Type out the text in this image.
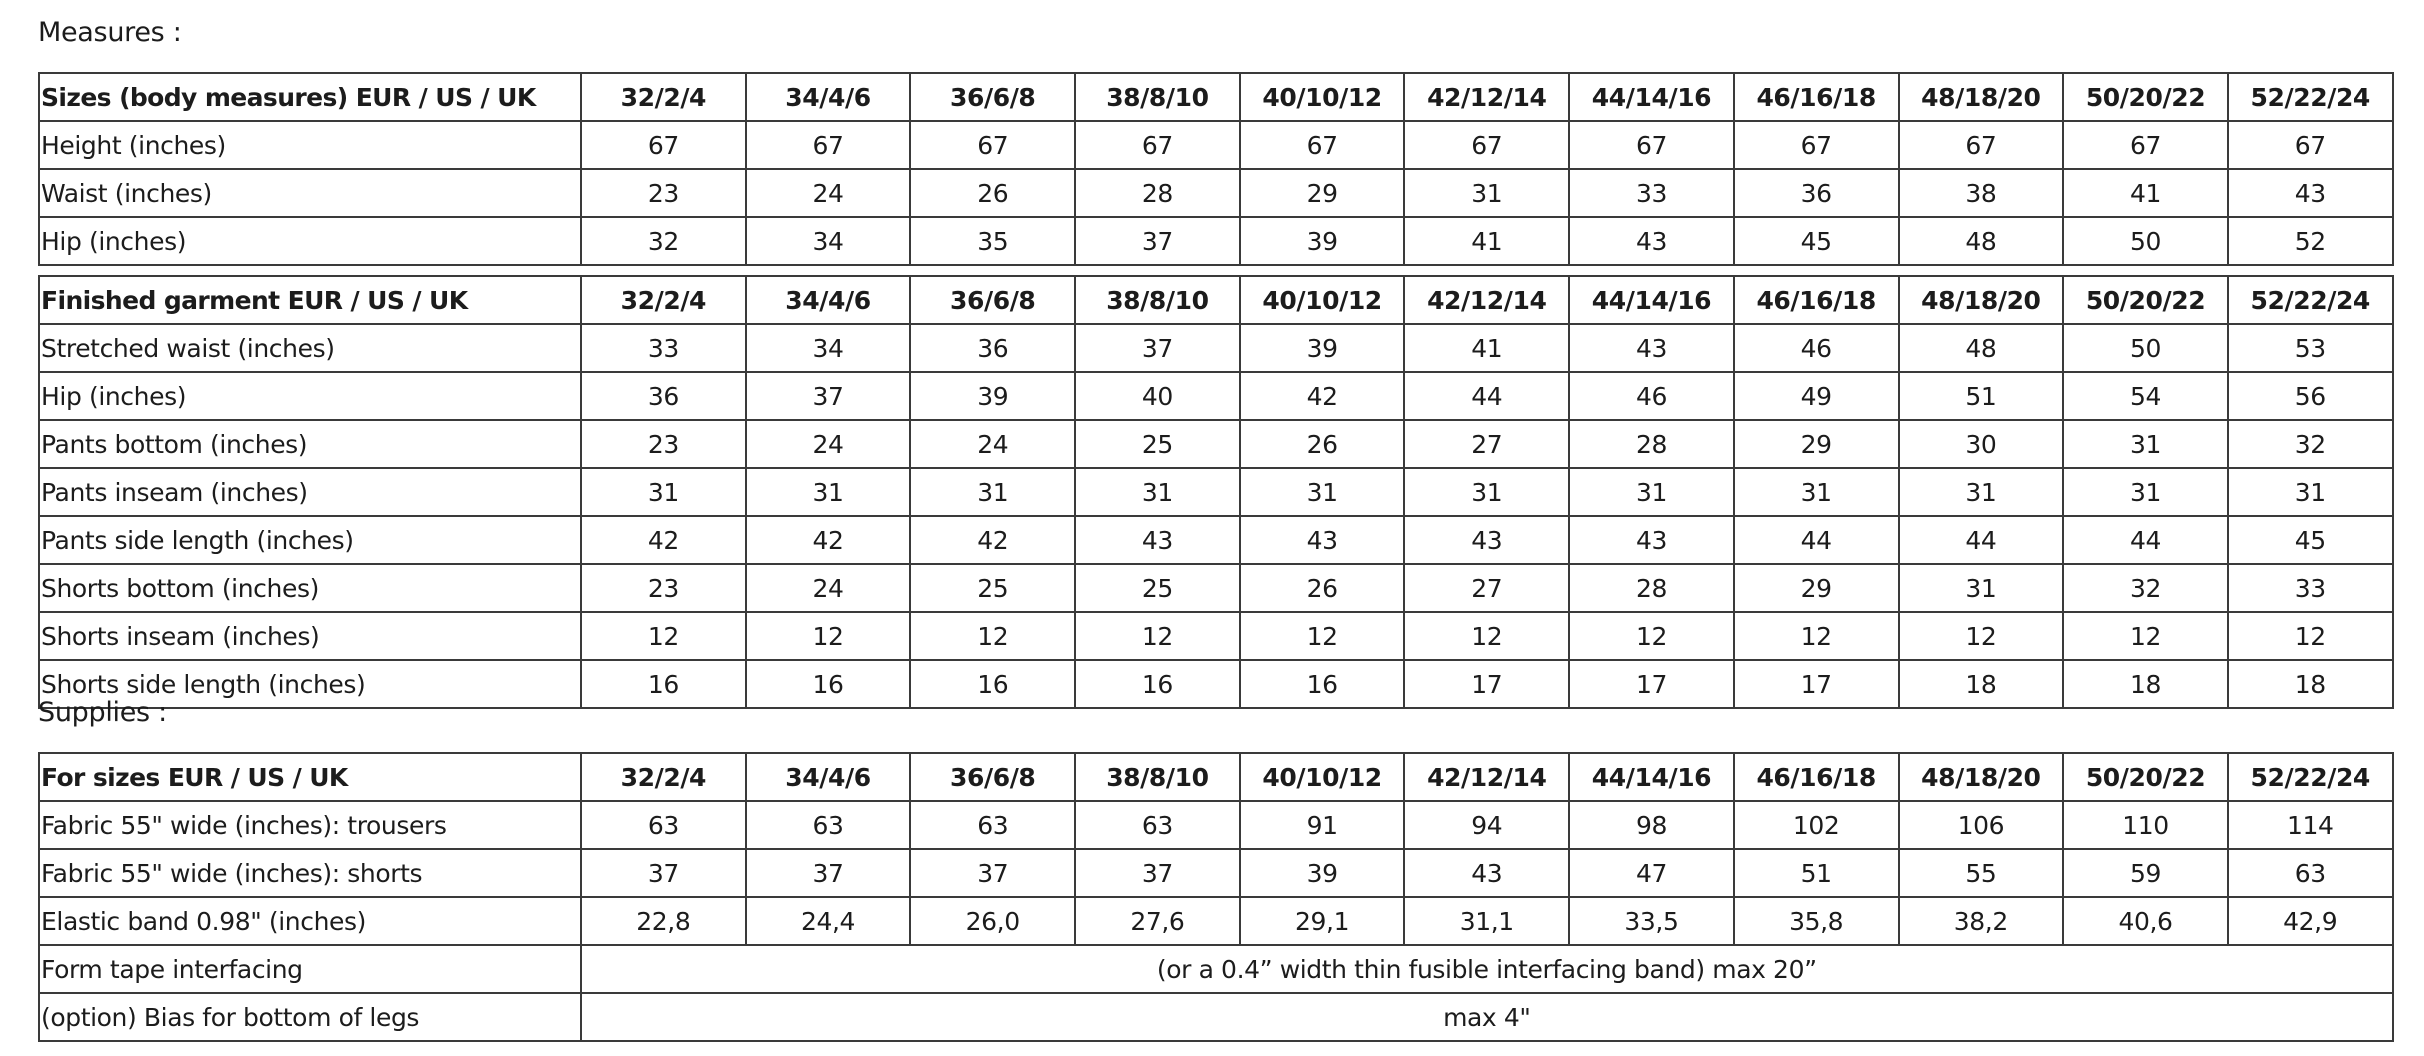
Measures :
Sizes (body measures) EUR / US / UK	32/2/4	34/4/6	36/6/8	38/8/10	40/10/12	42/12/14	44/14/16	46/16/18	48/18/20	50/20/22	52/22/24
Height (inches)	67	67	67	67	67	67	67	67	67	67	67
Waist (inches)	23	24	26	28	29	31	33	36	38	41	43
Hip (inches)	32	34	35	37	39	41	43	45	48	50	52
Finished garment EUR / US / UK	32/2/4	34/4/6	36/6/8	38/8/10	40/10/12	42/12/14	44/14/16	46/16/18	48/18/20	50/20/22	52/22/24
Stretched waist (inches)	33	34	36	37	39	41	43	46	48	50	53
Hip (inches)	36	37	39	40	42	44	46	49	51	54	56
Pants bottom (inches)	23	24	24	25	26	27	28	29	30	31	32
Pants inseam (inches)	31	31	31	31	31	31	31	31	31	31	31
Pants side length (inches)	42	42	42	43	43	43	43	44	44	44	45
Shorts bottom (inches)	23	24	25	25	26	27	28	29	31	32	33
Shorts inseam (inches)	12	12	12	12	12	12	12	12	12	12	12
Shorts side length (inches)	16	16	16	16	16	17	17	17	18	18	18
Supplies :
For sizes EUR / US / UK	32/2/4	34/4/6	36/6/8	38/8/10	40/10/12	42/12/14	44/14/16	46/16/18	48/18/20	50/20/22	52/22/24
Fabric 55" wide (inches): trousers	63	63	63	63	91	94	98	102	106	110	114
Fabric 55" wide (inches): shorts	37	37	37	37	39	43	47	51	55	59	63
Elastic band 0.98" (inches)	22,8	24,4	26,0	27,6	29,1	31,1	33,5	35,8	38,2	40,6	42,9
Form tape interfacing	(or a 0.4” width thin fusible interfacing band) max 20”										
(option) Bias for bottom of legs	max 4"										
